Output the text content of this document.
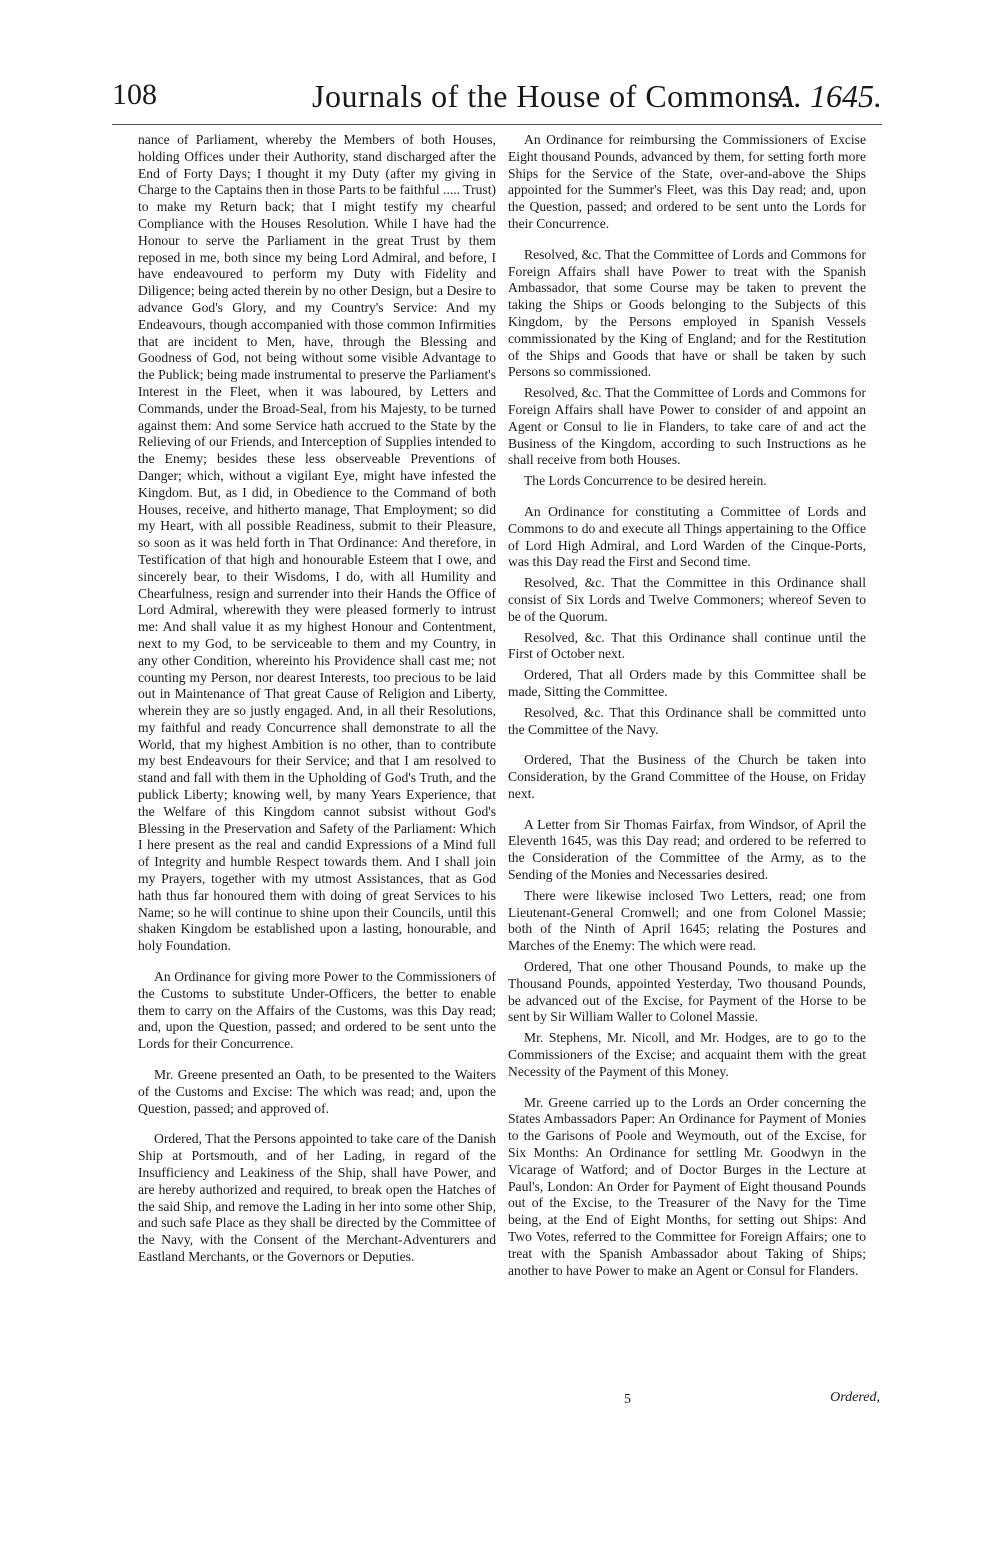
108	Journals of the House of Commons.
A. 1645.

nance of Parliament, whereby the Members of both Houses, holding Offices under their Authority, stand discharged after the End of Forty Days; I thought it my Duty (after my giving in Charge to the Captains then in those Parts to be faithful ..... Trust) to make my Return back; that I might testify my chearful Compliance with the Houses Resolution. While I have had the Honour to serve the Parliament in the great Trust by them reposed in me, both since my being Lord Admiral, and before, I have endeavoured to perform my Duty with Fidelity and Diligence; being acted therein by no other Design, but a Desire to advance God's Glory, and my Country's Service: And my Endeavours, though accompanied with those common Infirmities that are incident to Men, have, through the Blessing and Goodness of God, not being without some visible Advantage to the Publick; being made instrumental to preserve the Parliament's Interest in the Fleet, when it was laboured, by Letters and Commands, under the Broad-Seal, from his Majesty, to be turned against them: And some Service hath accrued to the State by the Relieving of our Friends, and Interception of Supplies intended to the Enemy; besides these less observeable Preventions of Danger; which, without a vigilant Eye, might have infested the Kingdom. But, as I did, in Obedience to the Command of both Houses, receive, and hitherto manage, That Employment; so did my Heart, with all possible Readiness, submit to their Pleasure, so soon as it was held forth in That Ordinance: And therefore, in Testification of that high and honourable Esteem that I owe, and sincerely bear, to their Wisdoms, I do, with all Humility and Chearfulness, resign and surrender into their Hands the Office of Lord Admiral, wherewith they were pleased formerly to intrust me: And shall value it as my highest Honour and Contentment, next to my God, to be serviceable to them and my Country, in any other Condition, whereinto his Providence shall cast me; not counting my Person, nor dearest Interests, too precious to be laid out in Maintenance of That great Cause of Religion and Liberty, wherein they are so justly engaged. And, in all their Resolutions, my faithful and ready Concurrence shall demonstrate to all the World, that my highest Ambition is no other, than to contribute my best Endeavours for their Service; and that I am resolved to stand and fall with them in the Upholding of God's Truth, and the publick Liberty; knowing well, by many Years Experience, that the Welfare of this Kingdom cannot subsist without God's Blessing in the Preservation and Safety of the Parliament: Which I here present as the real and candid Expressions of a Mind full of Integrity and humble Respect towards them. And I shall join my Prayers, together with my utmost Assistances, that as God hath thus far honoured them with doing of great Services to his Name; so he will continue to shine upon their Councils, until this shaken Kingdom be established upon a lasting, honourable, and holy Foundation.

An Ordinance for giving more Power to the Commissioners of the Customs to substitute Under-Officers, the better to enable them to carry on the Affairs of the Customs, was this Day read; and, upon the Question, passed; and ordered to be sent unto the Lords for their Concurrence.

Mr. Greene presented an Oath, to be presented to the Waiters of the Customs and Excise: The which was read; and, upon the Question, passed; and approved of.

Ordered, That the Persons appointed to take care of the Danish Ship at Portsmouth, and of her Lading, in regard of the Insufficiency and Leakiness of the Ship, shall have Power, and are hereby authorized and required, to break open the Hatches of the said Ship, and remove the Lading in her into some other Ship, and such safe Place as they shall be directed by the Committee of the Navy, with the Consent of the Merchant-Adventurers and Eastland Merchants, or the Governors or Deputies.

An Ordinance for reimbursing the Commissioners of Excise Eight thousand Pounds, advanced by them, for setting forth more Ships for the Service of the State, over-and-above the Ships appointed for the Summer's Fleet, was this Day read; and, upon the Question, passed; and ordered to be sent unto the Lords for their Concurrence.

Resolved, &c. That the Committee of Lords and Commons for Foreign Affairs shall have Power to treat with the Spanish Ambassador, that some Course may be taken to prevent the taking the Ships or Goods belonging to the Subjects of this Kingdom, by the Persons employed in Spanish Vessels commissionated by the King of England; and for the Restitution of the Ships and Goods that have or shall be taken by such Persons so commissioned.

Resolved, &c. That the Committee of Lords and Commons for Foreign Affairs shall have Power to consider of and appoint an Agent or Consul to lie in Flanders, to take care of and act the Business of the Kingdom, according to such Instructions as he shall receive from both Houses.

The Lords Concurrence to be desired herein.

An Ordinance for constituting a Committee of Lords and Commons to do and execute all Things appertaining to the Office of Lord High Admiral, and Lord Warden of the Cinque-Ports, was this Day read the First and Second time.

Resolved, &c. That the Committee in this Ordinance shall consist of Six Lords and Twelve Commoners; whereof Seven to be of the Quorum.

Resolved, &c. That this Ordinance shall continue until the First of October next.

Ordered, That all Orders made by this Committee shall be made, Sitting the Committee.

Resolved, &c. That this Ordinance shall be committed unto the Committee of the Navy.

Ordered, That the Business of the Church be taken into Consideration, by the Grand Committee of the House, on Friday next.

A Letter from Sir Thomas Fairfax, from Windsor, of April the Eleventh 1645, was this Day read; and ordered to be referred to the Consideration of the Committee of the Army, as to the Sending of the Monies and Necessaries desired.

There were likewise inclosed Two Letters, read; one from Lieutenant-General Cromwell; and one from Colonel Massie; both of the Ninth of April 1645; relating the Postures and Marches of the Enemy: The which were read.

Ordered, That one other Thousand Pounds, to make up the Thousand Pounds, appointed Yesterday, Two thousand Pounds, be advanced out of the Excise, for Payment of the Horse to be sent by Sir William Waller to Colonel Massie.

Mr. Stephens, Mr. Nicoll, and Mr. Hodges, are to go to the Commissioners of the Excise; and acquaint them with the great Necessity of the Payment of this Money.

Mr. Greene carried up to the Lords an Order concerning the States Ambassadors Paper: An Ordinance for Payment of Monies to the Garisons of Poole and Weymouth, out of the Excise, for Six Months: An Ordinance for settling Mr. Goodwyn in the Vicarage of Watford; and of Doctor Burges in the Lecture at Paul's, London: An Order for Payment of Eight thousand Pounds out of the Excise, to the Treasurer of the Navy for the Time being, at the End of Eight Months, for setting out Ships: And Two Votes, referred to the Committee for Foreign Affairs; one to treat with the Spanish Ambassador about Taking of Ships; another to have Power to make an Agent or Consul for Flanders.

5	Ordered,
